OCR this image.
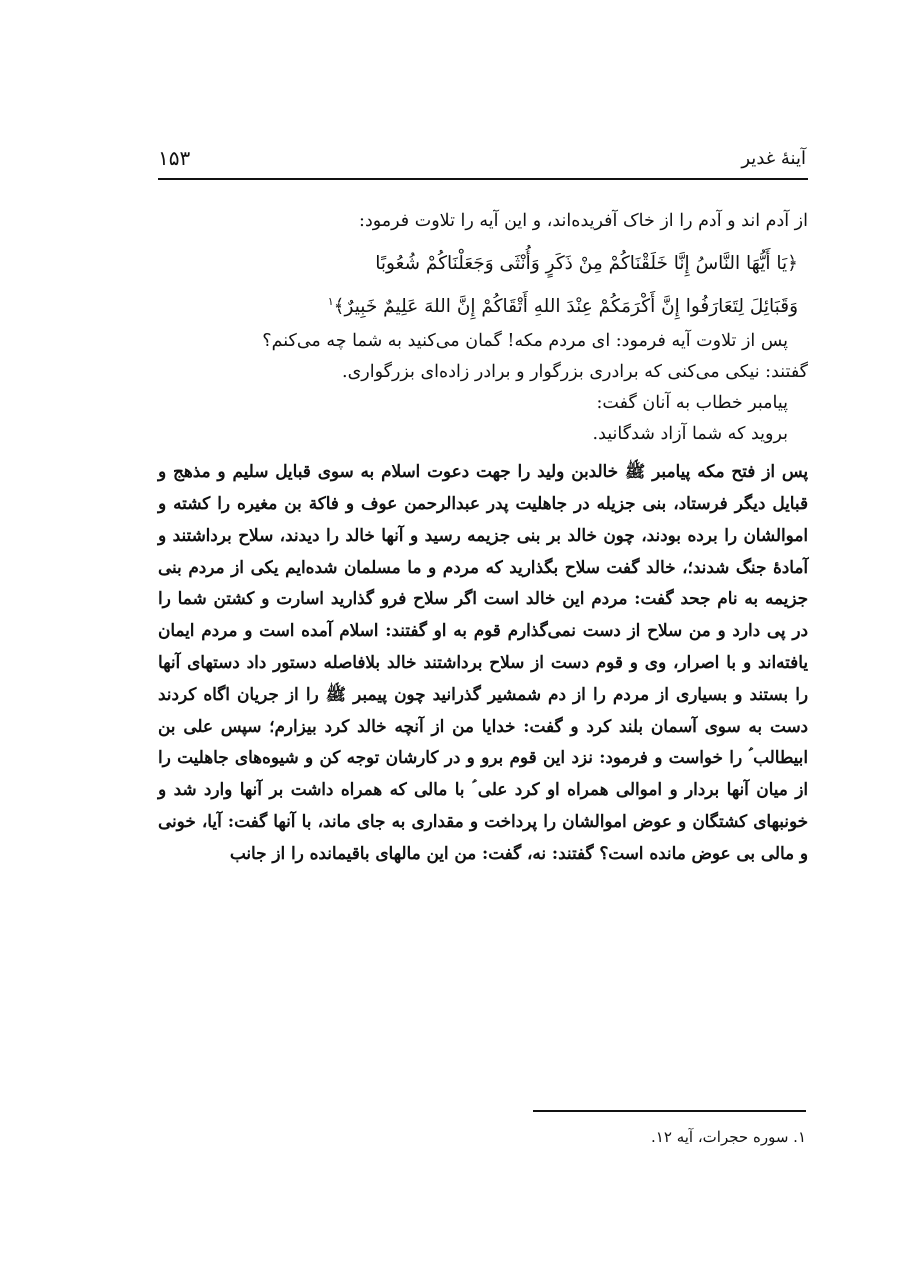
آینهٔ غدیر
۱۵۳

از آدم اند و آدم را از خاک آفریده‌اند، و این آیه را تلاوت فرمود:

﴿یَا أَیُّهَا النَّاسُ إِنَّا خَلَقْنَاکُمْ مِنْ ذَکَرٍ وَأُنْثَی وَجَعَلْنَاکُمْ شُعُوبًا
وَقَبَائِلَ لِتَعَارَفُوا إِنَّ أَکْرَمَکُمْ عِنْدَ اللهِ أَتْقَاکُمْ إِنَّ اللهَ عَلِیمٌ خَبِیرٌ﴾$^۱$

پس از تلاوت آیه فرمود: ای مردم مکه! گمان می‌کنید به شما چه می‌کنم؟

گفتند: نیکی می‌کنی که برادری بزرگوار و برادر زاده‌ای بزرگواری.

پیامبر خطاب به آنان گفت:

بروید که شما آزاد شدگانید.

پس از فتح مکه پیامبر ﷺ خالدبن ولید را جهت دعوت اسلام به سوی قبایل سلیم و مذهج و قبایل دیگر فرستاد، بنی جزیله در جاهلیت پدر عبدالرحمن عوف و فاکة بن مغیره را کشته و اموالشان را برده بودند، چون خالد بر بنی جزیمه رسید و آنها خالد را دیدند، سلاح برداشتند و آمادهٔ جنگ شدند؛، خالد گفت سلاح بگذارید که مردم و ما مسلمان شده‌ایم یکی از مردم بنی جزیمه به نام جحد گفت: مردم این خالد است اگر سلاح فرو گذارید اسارت و کشتن شما را در پی دارد و من سلاح از دست نمی‌گذارم قوم به او گفتند: اسلام آمده است و مردم ایمان یافته‌اند و با اصرار، وی و قوم دست از سلاح برداشتند خالد بلافاصله دستور داد دستهای آنها را بستند و بسیاری از مردم را از دم شمشیر گذرانید چون پیمبر ﷺ را از جریان اگاه کردند دست به سوی آسمان بلند کرد و گفت: خدایا من از آنچه خالد کرد بیزارم؛ سپس علی بن ابیطالب ؑ را خواست و فرمود: نزد این قوم برو و در کارشان توجه کن و شیوه‌های جاهلیت را از میان آنها بردار و اموالی همراه او کرد علی ؑ با مالی که همراه داشت بر آنها وارد شد و خونبهای کشتگان و عوض اموالشان را پرداخت و مقداری به جای ماند، با آنها گفت: آیا، خونی و مالی بی عوض مانده است؟ گفتند: نه، گفت: من این مالهای باقیمانده را از جانب

۱. سوره حجرات، آیه ۱۲.
